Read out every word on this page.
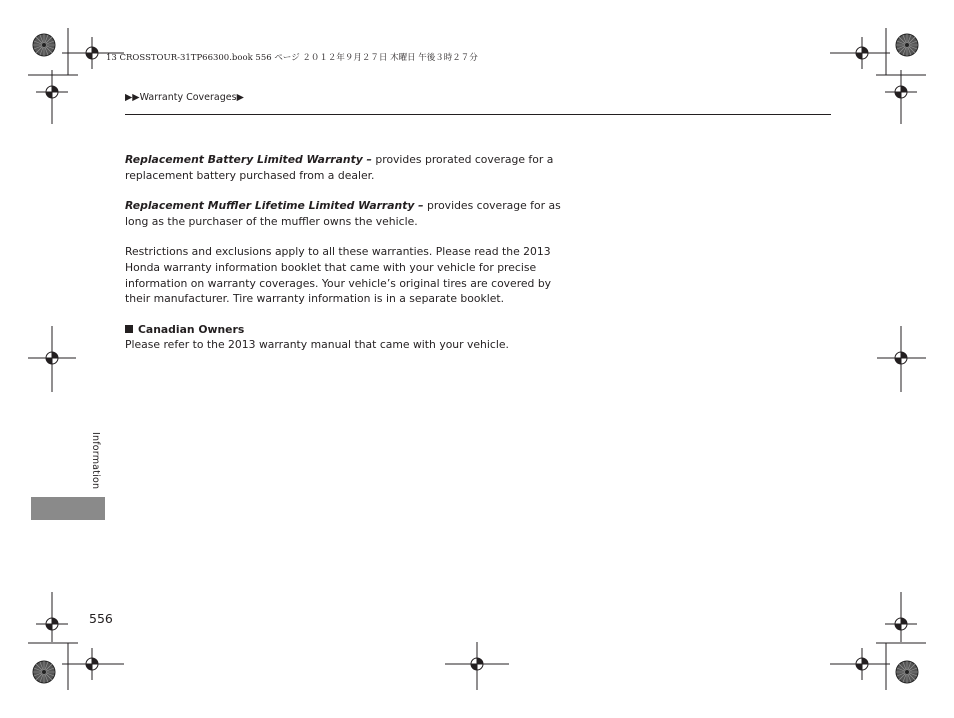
13 CROSSTOUR-31TP66300.book 556 ページ ２０１２年９月２７日 木曜日 午後３時２７分
▶▶Warranty Coverages▶

Replacement Battery Limited Warranty – provides prorated coverage for a replacement battery purchased from a dealer.

Replacement Muffler Lifetime Limited Warranty – provides coverage for as long as the purchaser of the muffler owns the vehicle.

Restrictions and exclusions apply to all these warranties. Please read the 2013 Honda warranty information booklet that came with your vehicle for precise information on warranty coverages. Your vehicle’s original tires are covered by their manufacturer. Tire warranty information is in a separate booklet.

Canadian Owners
Please refer to the 2013 warranty manual that came with your vehicle.
Information
556
